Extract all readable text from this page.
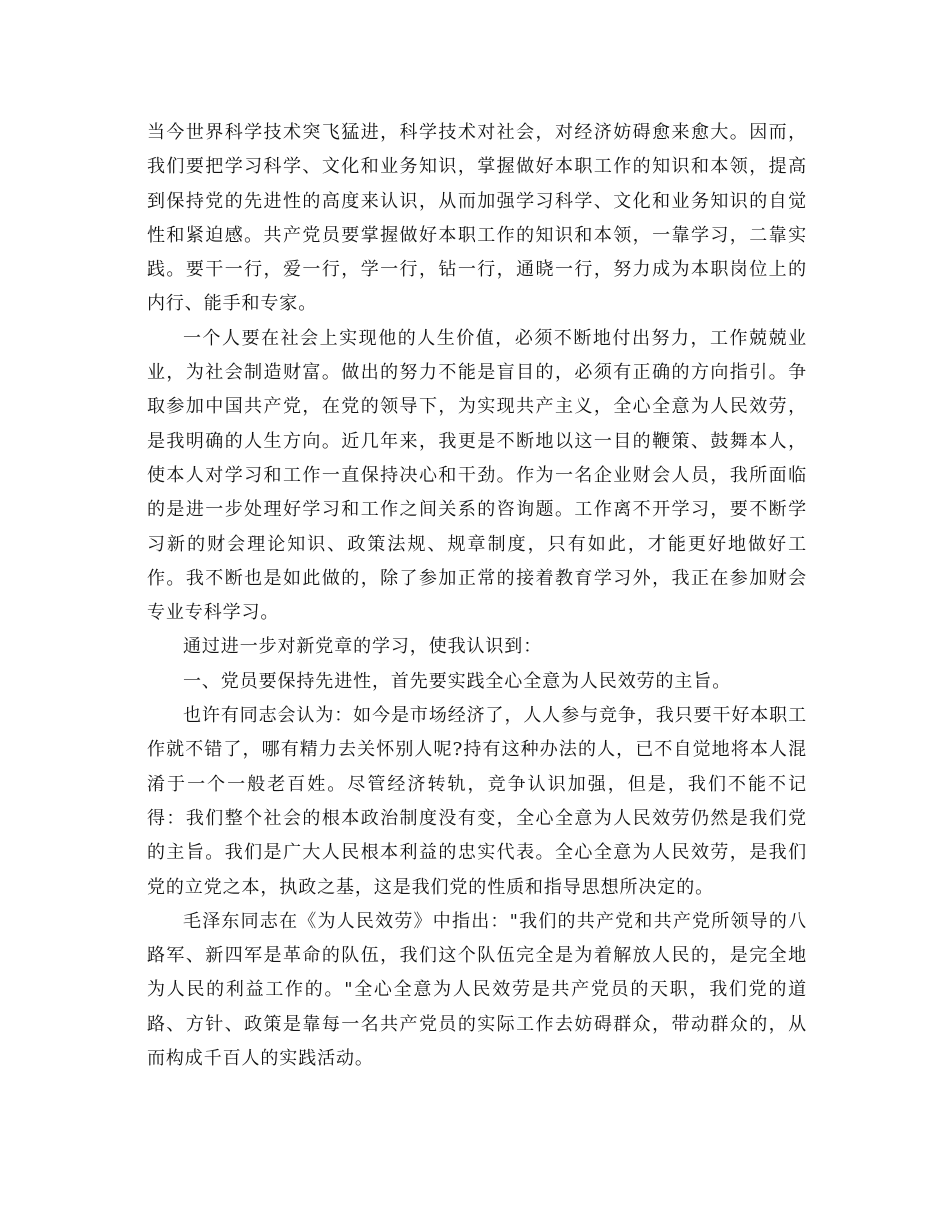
当今世界科学技术突飞猛进，科学技术对社会，对经济妨碍愈来愈大。因而，我们要把学习科学、文化和业务知识，掌握做好本职工作的知识和本领，提高到保持党的先进性的高度来认识，从而加强学习科学、文化和业务知识的自觉性和紧迫感。共产党员要掌握做好本职工作的知识和本领，一靠学习，二靠实践。要干一行，爱一行，学一行，钻一行，通晓一行，努力成为本职岗位上的内行、能手和专家。

一个人要在社会上实现他的人生价值，必须不断地付出努力，工作兢兢业业，为社会制造财富。做出的努力不能是盲目的，必须有正确的方向指引。争取参加中国共产党，在党的领导下，为实现共产主义，全心全意为人民效劳，是我明确的人生方向。近几年来，我更是不断地以这一目的鞭策、鼓舞本人，使本人对学习和工作一直保持决心和干劲。作为一名企业财会人员，我所面临的是进一步处理好学习和工作之间关系的咨询题。工作离不开学习，要不断学习新的财会理论知识、政策法规、规章制度，只有如此，才能更好地做好工作。我不断也是如此做的，除了参加正常的接着教育学习外，我正在参加财会专业专科学习。

通过进一步对新党章的学习，使我认识到：

一、党员要保持先进性，首先要实践全心全意为人民效劳的主旨。

也许有同志会认为：如今是市场经济了，人人参与竞争，我只要干好本职工作就不错了，哪有精力去关怀别人呢?持有这种办法的人，已不自觉地将本人混淆于一个一般老百姓。尽管经济转轨，竞争认识加强，但是，我们不能不记得：我们整个社会的根本政治制度没有变，全心全意为人民效劳仍然是我们党的主旨。我们是广大人民根本利益的忠实代表。全心全意为人民效劳，是我们党的立党之本，执政之基，这是我们党的性质和指导思想所决定的。

毛泽东同志在《为人民效劳》中指出："我们的共产党和共产党所领导的八路军、新四军是革命的队伍，我们这个队伍完全是为着解放人民的，是完全地为人民的利益工作的。"全心全意为人民效劳是共产党员的天职，我们党的道路、方针、政策是靠每一名共产党员的实际工作去妨碍群众，带动群众的，从而构成千百人的实践活动。
